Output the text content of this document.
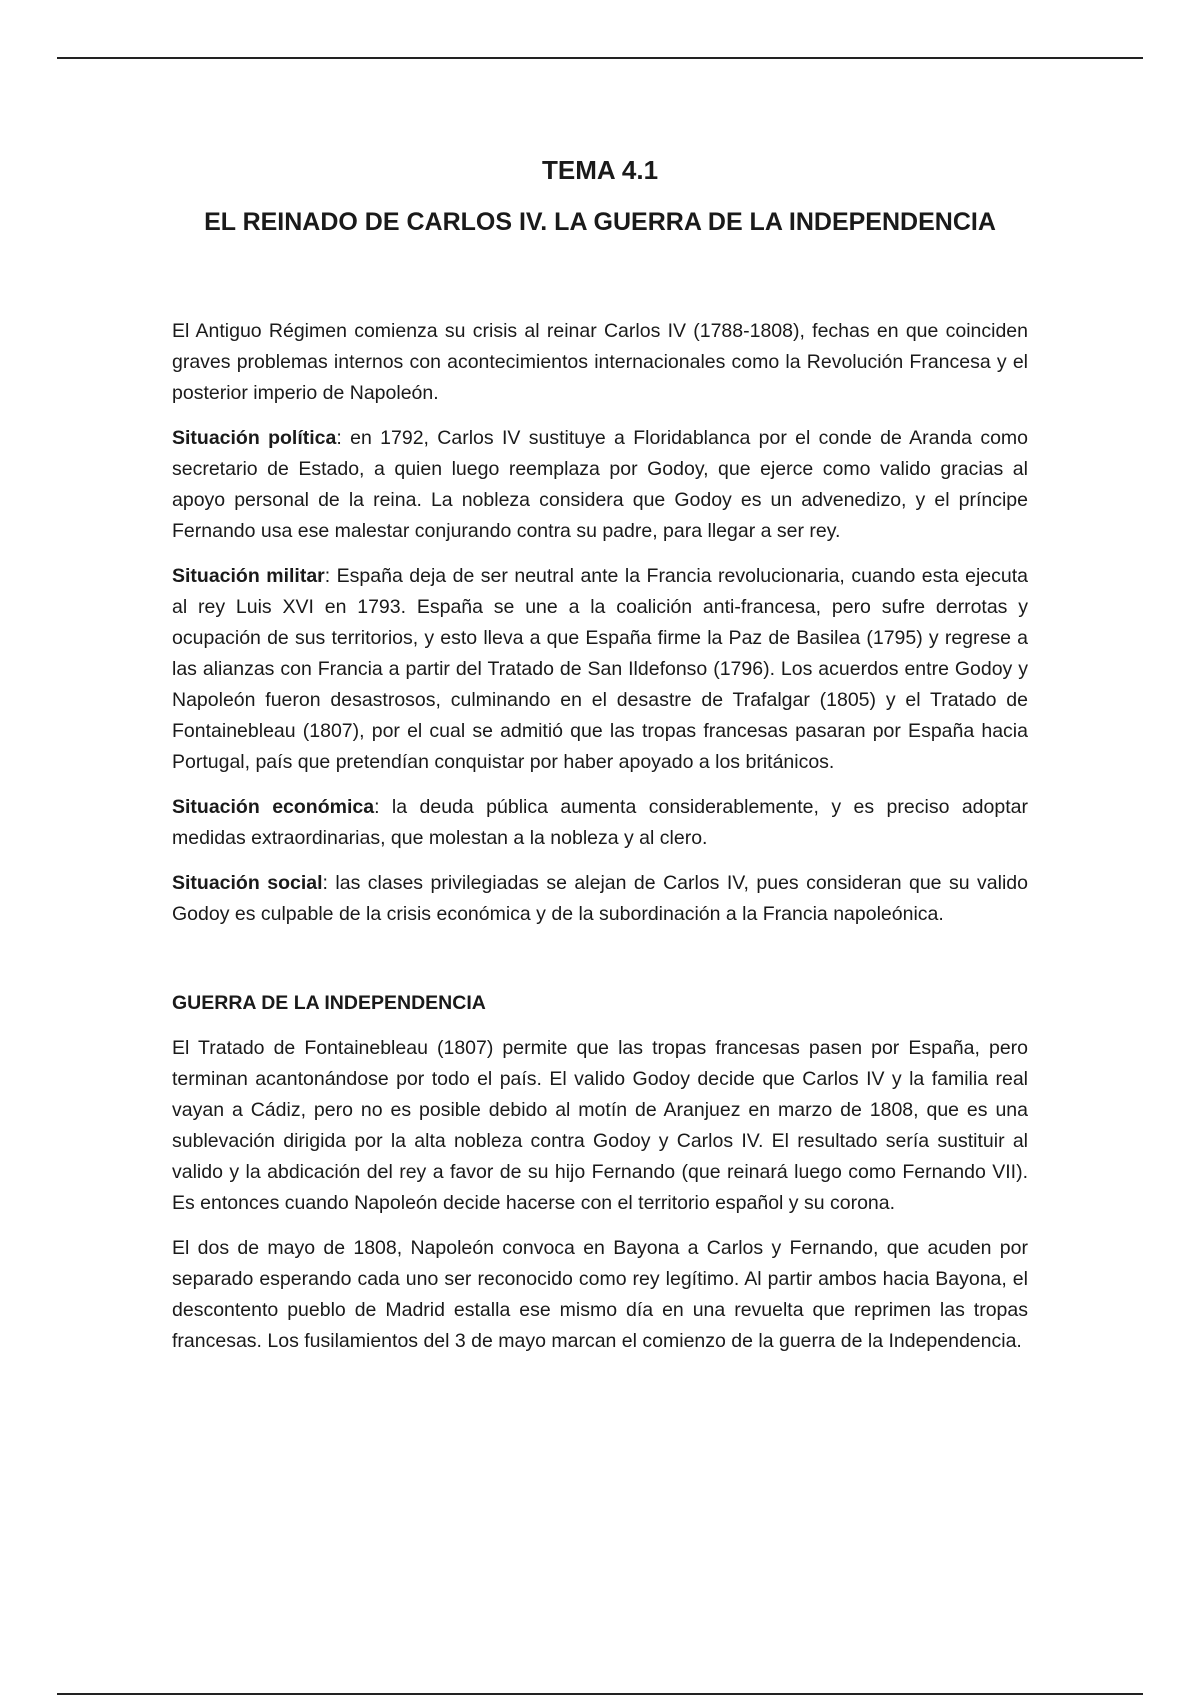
TEMA 4.1
EL REINADO DE CARLOS IV. LA GUERRA DE LA INDEPENDENCIA

El Antiguo Régimen comienza su crisis al reinar Carlos IV (1788-1808), fechas en que coinciden graves problemas internos con acontecimientos internacionales como la Revolución Francesa y el posterior imperio de Napoleón.

Situación política: en 1792, Carlos IV sustituye a Floridablanca por el conde de Aranda como secretario de Estado, a quien luego reemplaza por Godoy, que ejerce como valido gracias al apoyo personal de la reina. La nobleza considera que Godoy es un advenedizo, y el príncipe Fernando usa ese malestar conjurando contra su padre, para llegar a ser rey.

Situación militar: España deja de ser neutral ante la Francia revolucionaria, cuando esta ejecuta al rey Luis XVI en 1793. España se une a la coalición anti-francesa, pero sufre derrotas y ocupación de sus territorios, y esto lleva a que España firme la Paz de Basilea (1795) y regrese a las alianzas con Francia a partir del Tratado de San Ildefonso (1796). Los acuerdos entre Godoy y Napoleón fueron desastrosos, culminando en el desastre de Trafalgar (1805) y el Tratado de Fontainebleau (1807), por el cual se admitió que las tropas francesas pasaran por España hacia Portugal, país que pretendían conquistar por haber apoyado a los británicos.

Situación económica: la deuda pública aumenta considerablemente, y es preciso adoptar medidas extraordinarias, que molestan a la nobleza y al clero.

Situación social: las clases privilegiadas se alejan de Carlos IV, pues consideran que su valido Godoy es culpable de la crisis económica y de la subordinación a la Francia napoleónica.

GUERRA DE LA INDEPENDENCIA

El Tratado de Fontainebleau (1807) permite que las tropas francesas pasen por España, pero terminan acantonándose por todo el país. El valido Godoy decide que Carlos IV y la familia real vayan a Cádiz, pero no es posible debido al motín de Aranjuez en marzo de 1808, que es una sublevación dirigida por la alta nobleza contra Godoy y Carlos IV. El resultado sería sustituir al valido y la abdicación del rey a favor de su hijo Fernando (que reinará luego como Fernando VII). Es entonces cuando Napoleón decide hacerse con el territorio español y su corona.

El dos de mayo de 1808, Napoleón convoca en Bayona a Carlos y Fernando, que acuden por separado esperando cada uno ser reconocido como rey legítimo. Al partir ambos hacia Bayona, el descontento pueblo de Madrid estalla ese mismo día en una revuelta que reprimen las tropas francesas. Los fusilamientos del 3 de mayo marcan el comienzo de la guerra de la Independencia.
